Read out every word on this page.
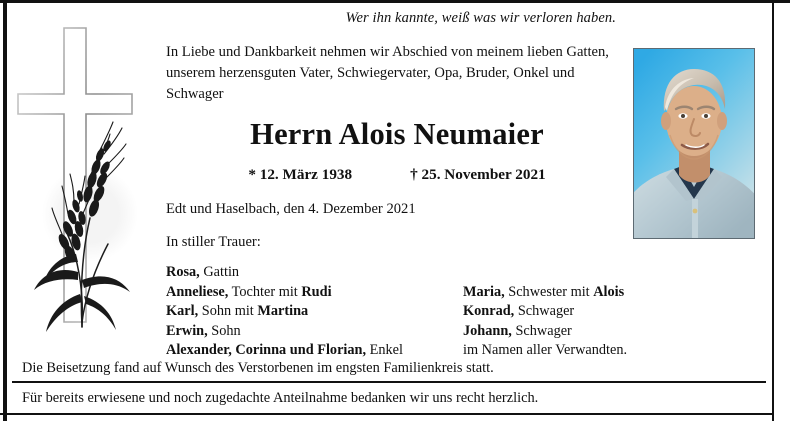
Wer ihn kannte, weiß was wir verloren haben.
In Liebe und Dankbarkeit nehmen wir Abschied von meinem lieben Gatten, unserem herzensguten Vater, Schwiegervater, Opa, Bruder, Onkel und Schwager
Herrn Alois Neumaier
* 12. März 1938	† 25. November 2021
Edt und Haselbach, den 4. Dezember 2021
In stiller Trauer:
Rosa, Gattin
Anneliese, Tochter mit Rudi	Maria, Schwester mit Alois
Karl, Sohn mit Martina	Konrad, Schwager
Erwin, Sohn	Johann, Schwager
Alexander, Corinna und Florian, Enkel	im Namen aller Verwandten.
Die Beisetzung fand auf Wunsch des Verstorbenen im engsten Familienkreis statt.
Für bereits erwiesene und noch zugedachte Anteilnahme bedanken wir uns recht herzlich.
